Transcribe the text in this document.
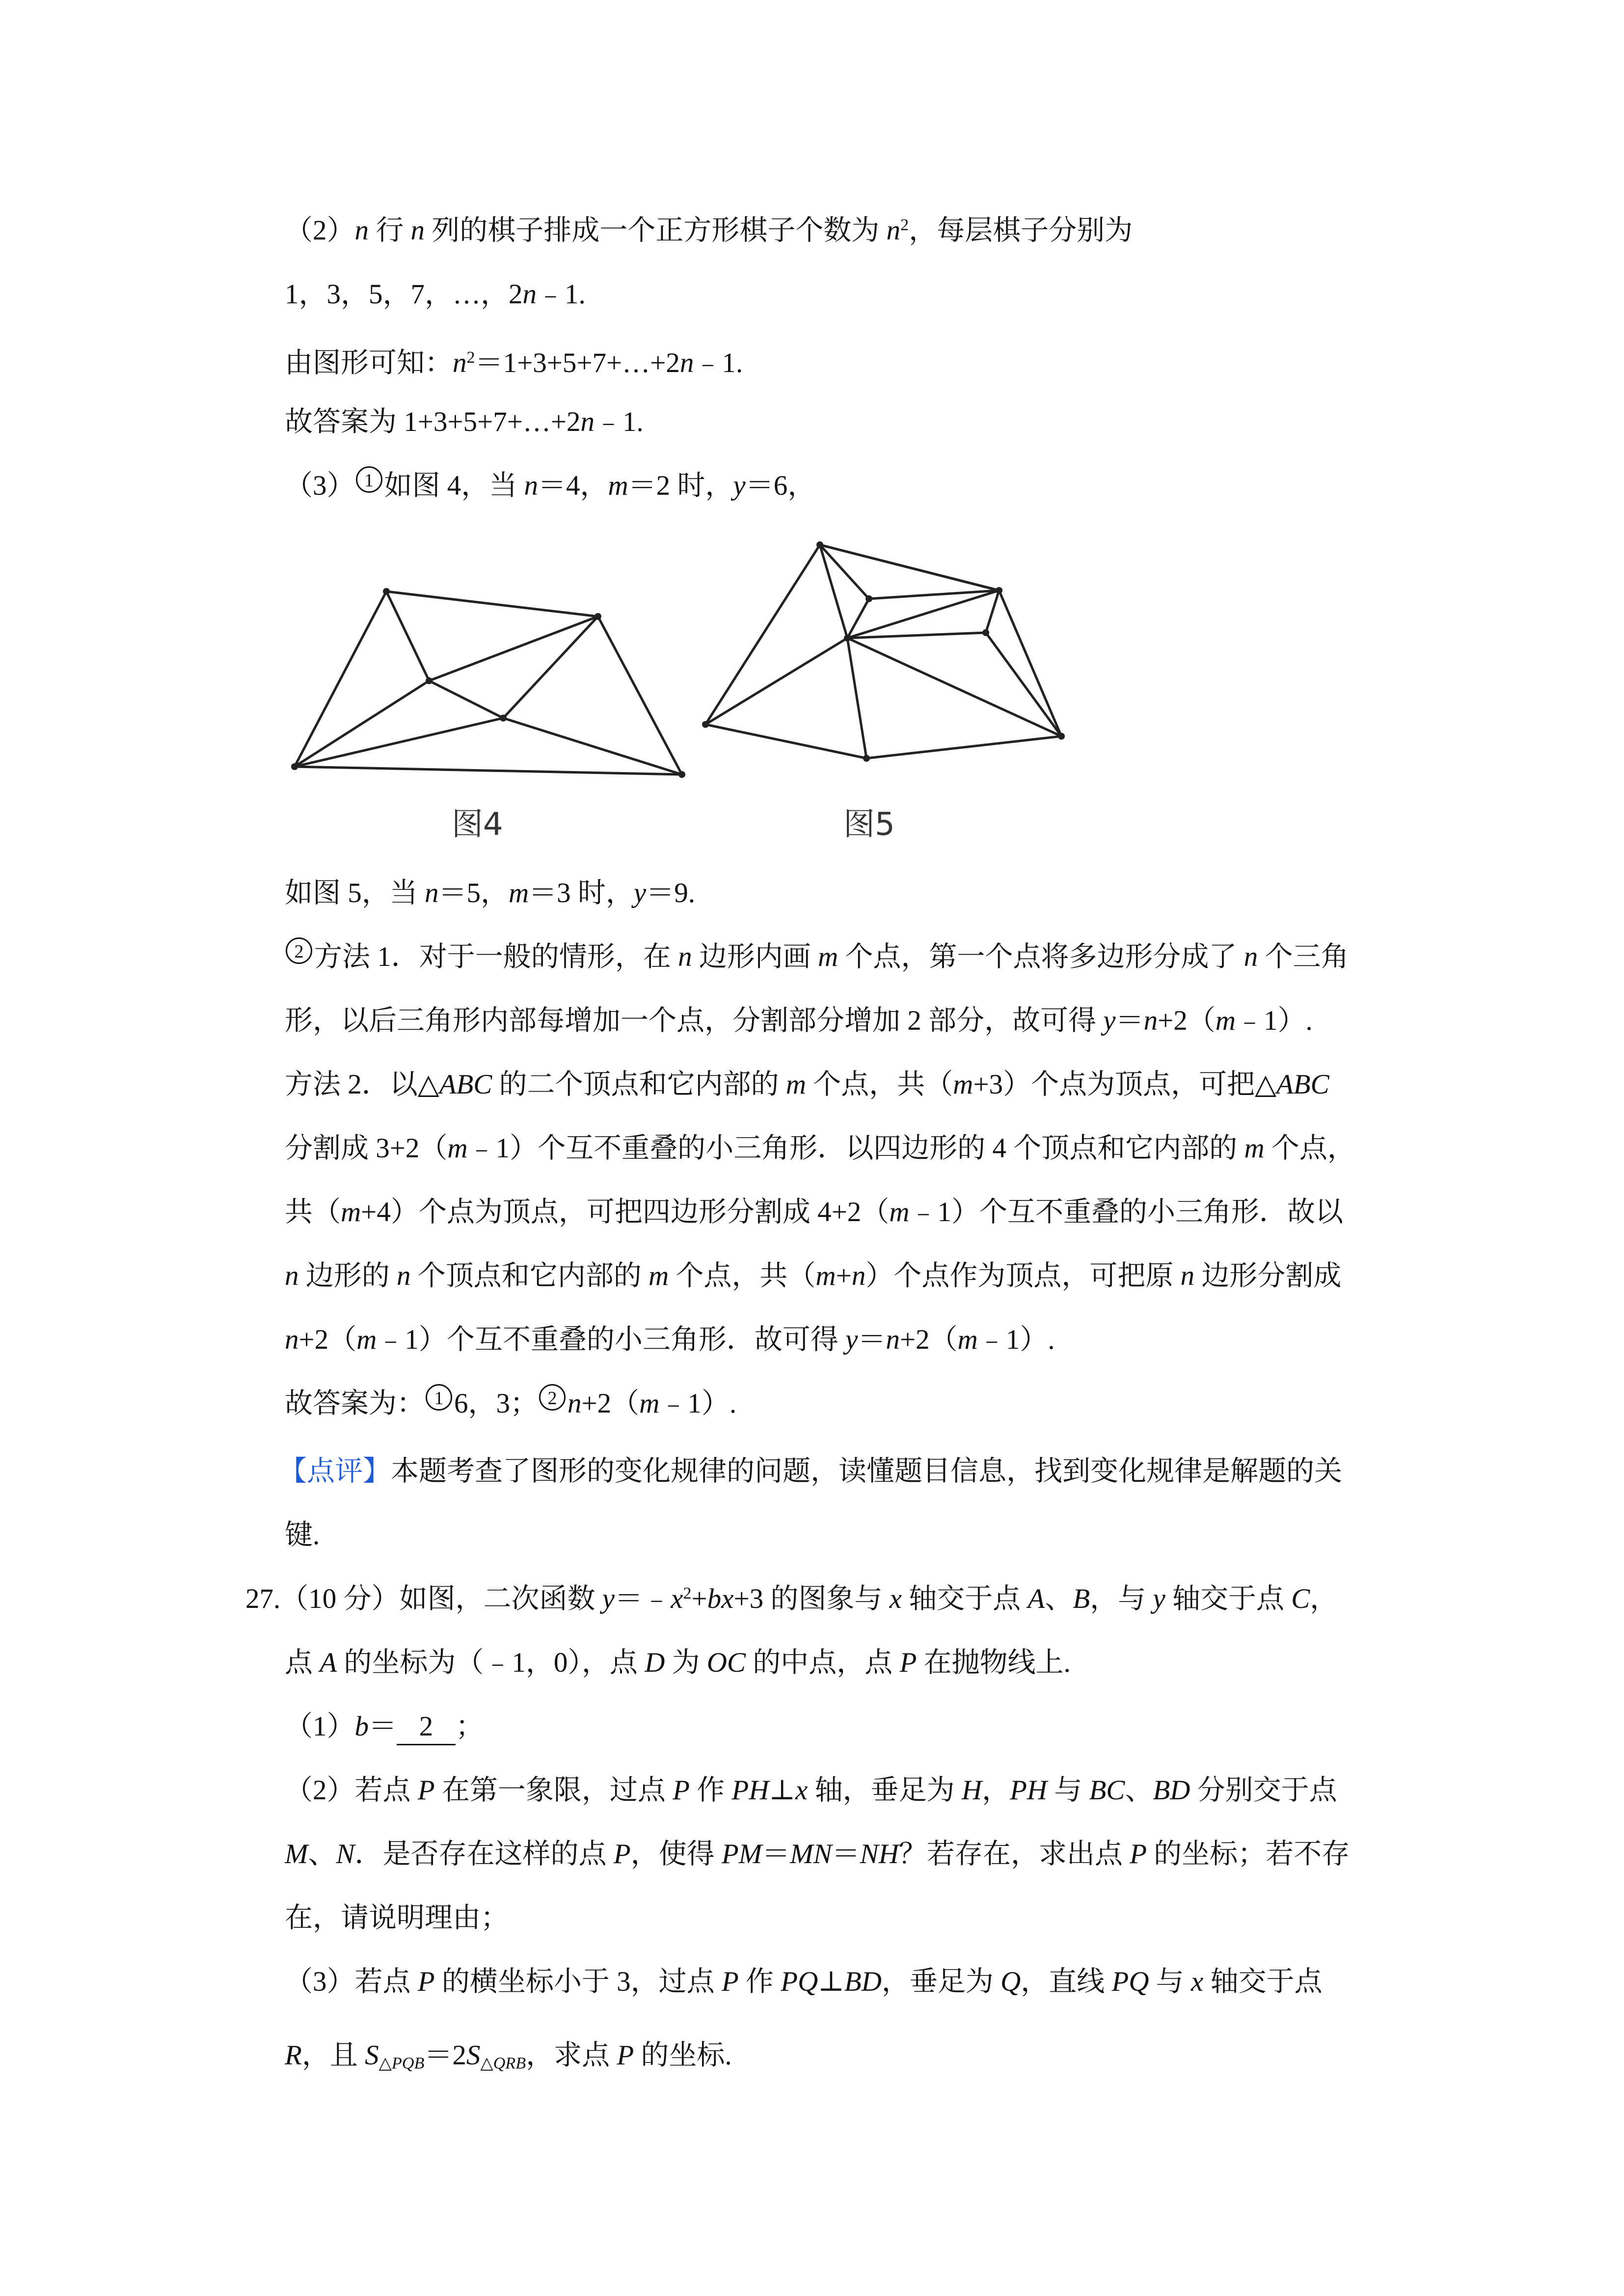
（2）n 行 n 列的棋子排成一个正方形棋子个数为 $n^2$，每层棋子分别为
1，3，5，7，…，2n﹣1.
由图形可知：$n^2=1+3+5+7+\dots+2n﹣1$.
故答案为 1+3+5+7+…+2n﹣1.
（3） 1 如图 4，当 n＝4，m＝2 时，y＝6，
图4	图5
如图 5，当 n＝5，m＝3 时，y＝9.
2 方法 1．对于一般的情形，在 n 边形内画 m 个点，第一个点将多边形分成了 n 个三角
形，以后三角形内部每增加一个点，分割部分增加 2 部分，故可得 y＝n+2（m﹣1）.
方法 2．以△ABC 的二个顶点和它内部的 m 个点，共（m+3）个点为顶点，可把△ABC
分割成 3+2（m﹣1）个互不重叠的小三角形．以四边形的 4 个顶点和它内部的 m 个点，
共（m+4）个点为顶点，可把四边形分割成 4+2（m﹣1）个互不重叠的小三角形．故以
n 边形的 n 个顶点和它内部的 m 个点，共（m+n）个点作为顶点，可把原 n 边形分割成
n+2（m﹣1）个互不重叠的小三角形．故可得 y＝n+2（m﹣1）.
故答案为： 1 6，3； 2 n+2（m﹣1）.
【点评】本题考查了图形的变化规律的问题，读懂题目信息，找到变化规律是解题的关
键.
27.（10 分）如图，二次函数 $y=﹣x^2+bx+3$ 的图象与 x 轴交于点 A、B，与 y 轴交于点 C，
点 A 的坐标为（﹣1，0），点 D 为 OC 的中点，点 P 在抛物线上.
（1）b＝ 2 ；
（2）若点 P 在第一象限，过点 P 作 PH⊥x 轴，垂足为 H，PH 与 BC、BD 分别交于点
M、N．是否存在这样的点 P，使得 PM＝MN＝NH？若存在，求出点 P 的坐标；若不存
在，请说明理由；
（3）若点 P 的横坐标小于 3，过点 P 作 PQ⊥BD，垂足为 Q，直线 PQ 与 x 轴交于点
R，且 $S_{\triangle PQB}=2S_{\triangle QRB}$，求点 P 的坐标.
